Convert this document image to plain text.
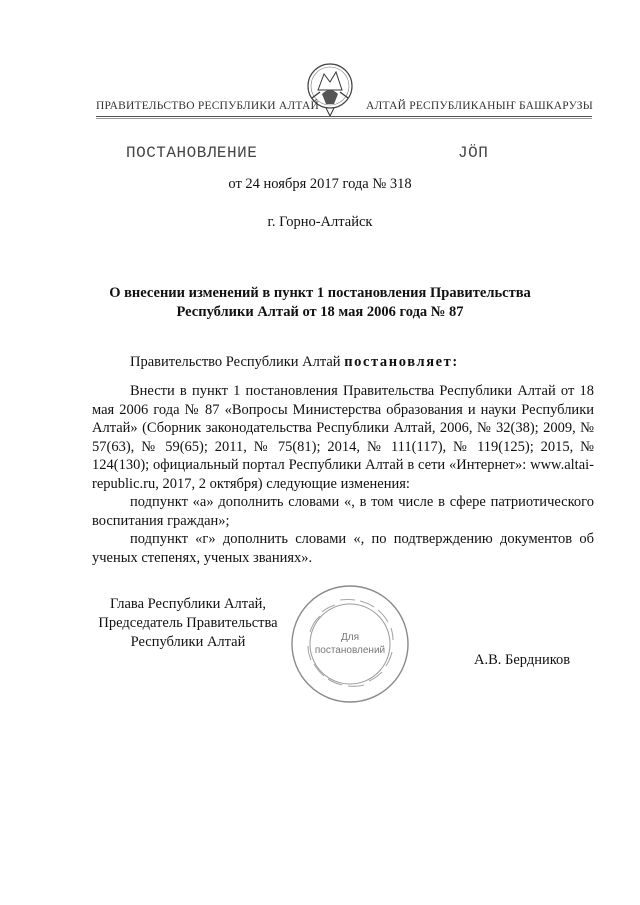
ПРАВИТЕЛЬСТВО РЕСПУБЛИКИ АЛТАЙ	АЛТАЙ РЕСПУБЛИКАНЫҤ БАШКАРУЗЫ
ПОСТАНОВЛЕНИЕ	JÖП
от 24 ноября 2017 года № 318
г. Горно-Алтайск
О внесении изменений в пункт 1 постановления Правительства
Республики Алтай от 18 мая 2006 года № 87
Правительство Республики Алтай постановляет:

Внести в пункт 1 постановления Правительства Республики Алтай от 18 мая 2006 года № 87 «Вопросы Министерства образования и науки Республики Алтай» (Сборник законодательства Республики Алтай, 2006, № 32(38); 2009, № 57(63), № 59(65); 2011, № 75(81); 2014, № 111(117), № 119(125); 2015, № 124(130); официальный портал Республики Алтай в сети «Интернет»: www.altai-republic.ru, 2017, 2 октября) следующие изменения:

подпункт «а» дополнить словами «, в том числе в сфере патриотического воспитания граждан»;

подпункт «г» дополнить словами «, по подтверждению документов об ученых степенях, ученых званиях».

Глава Республики Алтай,
Председатель Правительства
Республики Алтай
А.В. Бердников
Для
постановлений
